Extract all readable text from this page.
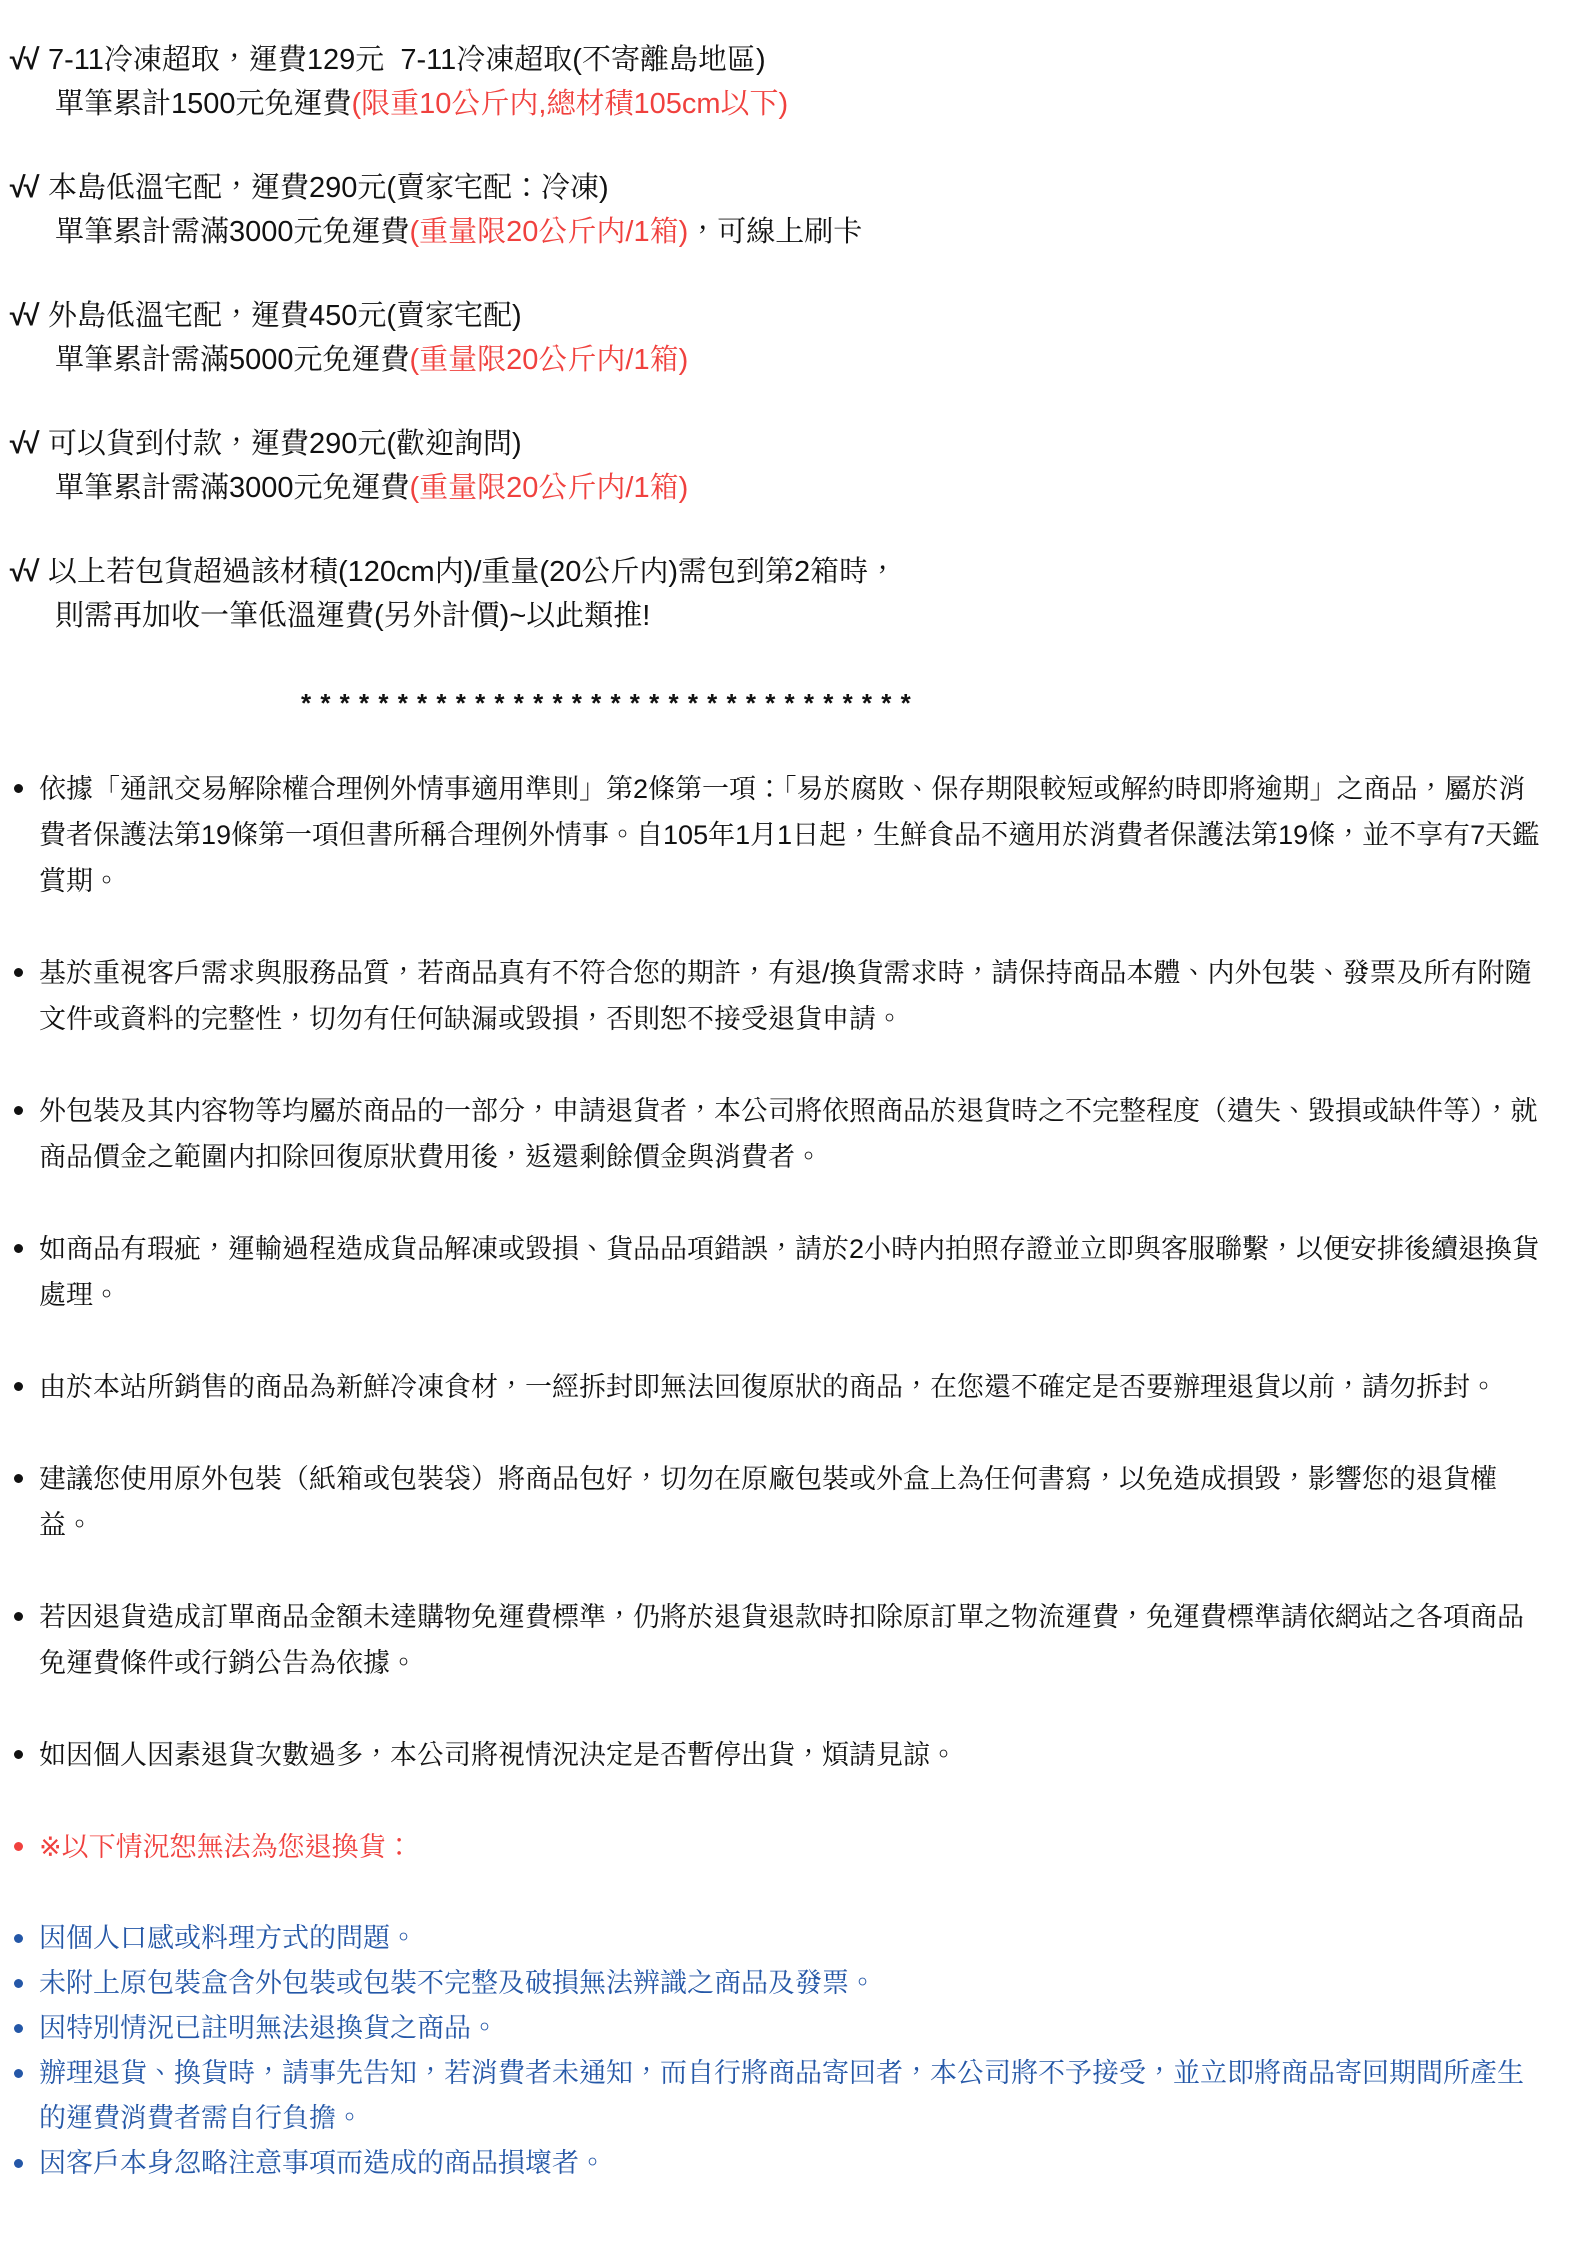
√√ 7-11冷凍超取，運費129元  7-11冷凍超取(不寄離島地區)
單筆累計1500元免運費(限重10公斤内,總材積105cm以下)
√√ 本島低溫宅配，運費290元(賣家宅配：冷凍)
單筆累計需滿3000元免運費(重量限20公斤内/1箱)，可線上刷卡
√√ 外島低溫宅配，運費450元(賣家宅配)
單筆累計需滿5000元免運費(重量限20公斤内/1箱)
√√ 可以貨到付款，運費290元(歡迎詢問)
單筆累計需滿3000元免運費(重量限20公斤内/1箱)
√√ 以上若包貨超過該材積(120cm内)/重量(20公斤内)需包到第2箱時，
則需再加收一筆低溫運費(另外計價)~以此類推!
* * * * * * * * * * * * * * * * * * * * * * * * * * * * * * * *
依據「通訊交易解除權合理例外情事適用準則」第2條第一項：「易於腐敗、保存期限較短或解約時即將逾期」之商品，屬於消費者保護法第19條第一項但書所稱合理例外情事。自105年1月1日起，生鮮食品不適用於消費者保護法第19條，並不享有7天鑑賞期。
基於重視客戶需求與服務品質，若商品真有不符合您的期許，有退/換貨需求時，請保持商品本體、内外包裝、發票及所有附隨文件或資料的完整性，切勿有任何缺漏或毀損，否則恕不接受退貨申請。
外包裝及其内容物等均屬於商品的一部分，申請退貨者，本公司將依照商品於退貨時之不完整程度（遺失、毀損或缺件等），就商品價金之範圍内扣除回復原狀費用後，返還剩餘價金與消費者。
如商品有瑕疵，運輸過程造成貨品解凍或毀損、貨品品項錯誤，請於2小時内拍照存證並立即與客服聯繫，以便安排後續退換貨處理。
由於本站所銷售的商品為新鮮冷凍食材，一經拆封即無法回復原狀的商品，在您還不確定是否要辦理退貨以前，請勿拆封。
建議您使用原外包裝（紙箱或包裝袋）將商品包好，切勿在原廠包裝或外盒上為任何書寫，以免造成損毀，影響您的退貨權益。
若因退貨造成訂單商品金額未達購物免運費標準，仍將於退貨退款時扣除原訂單之物流運費，免運費標準請依網站之各項商品免運費條件或行銷公告為依據。
如因個人因素退貨次數過多，本公司將視情況決定是否暫停出貨，煩請見諒。
※以下情況恕無法為您退換貨：
因個人口感或料理方式的問題。
未附上原包裝盒含外包裝或包裝不完整及破損無法辨識之商品及發票。
因特別情況已註明無法退換貨之商品。
辦理退貨、換貨時，請事先告知，若消費者未通知，而自行將商品寄回者，本公司將不予接受，並立即將商品寄回期間所產生的運費消費者需自行負擔。
因客戶本身忽略注意事項而造成的商品損壞者。
